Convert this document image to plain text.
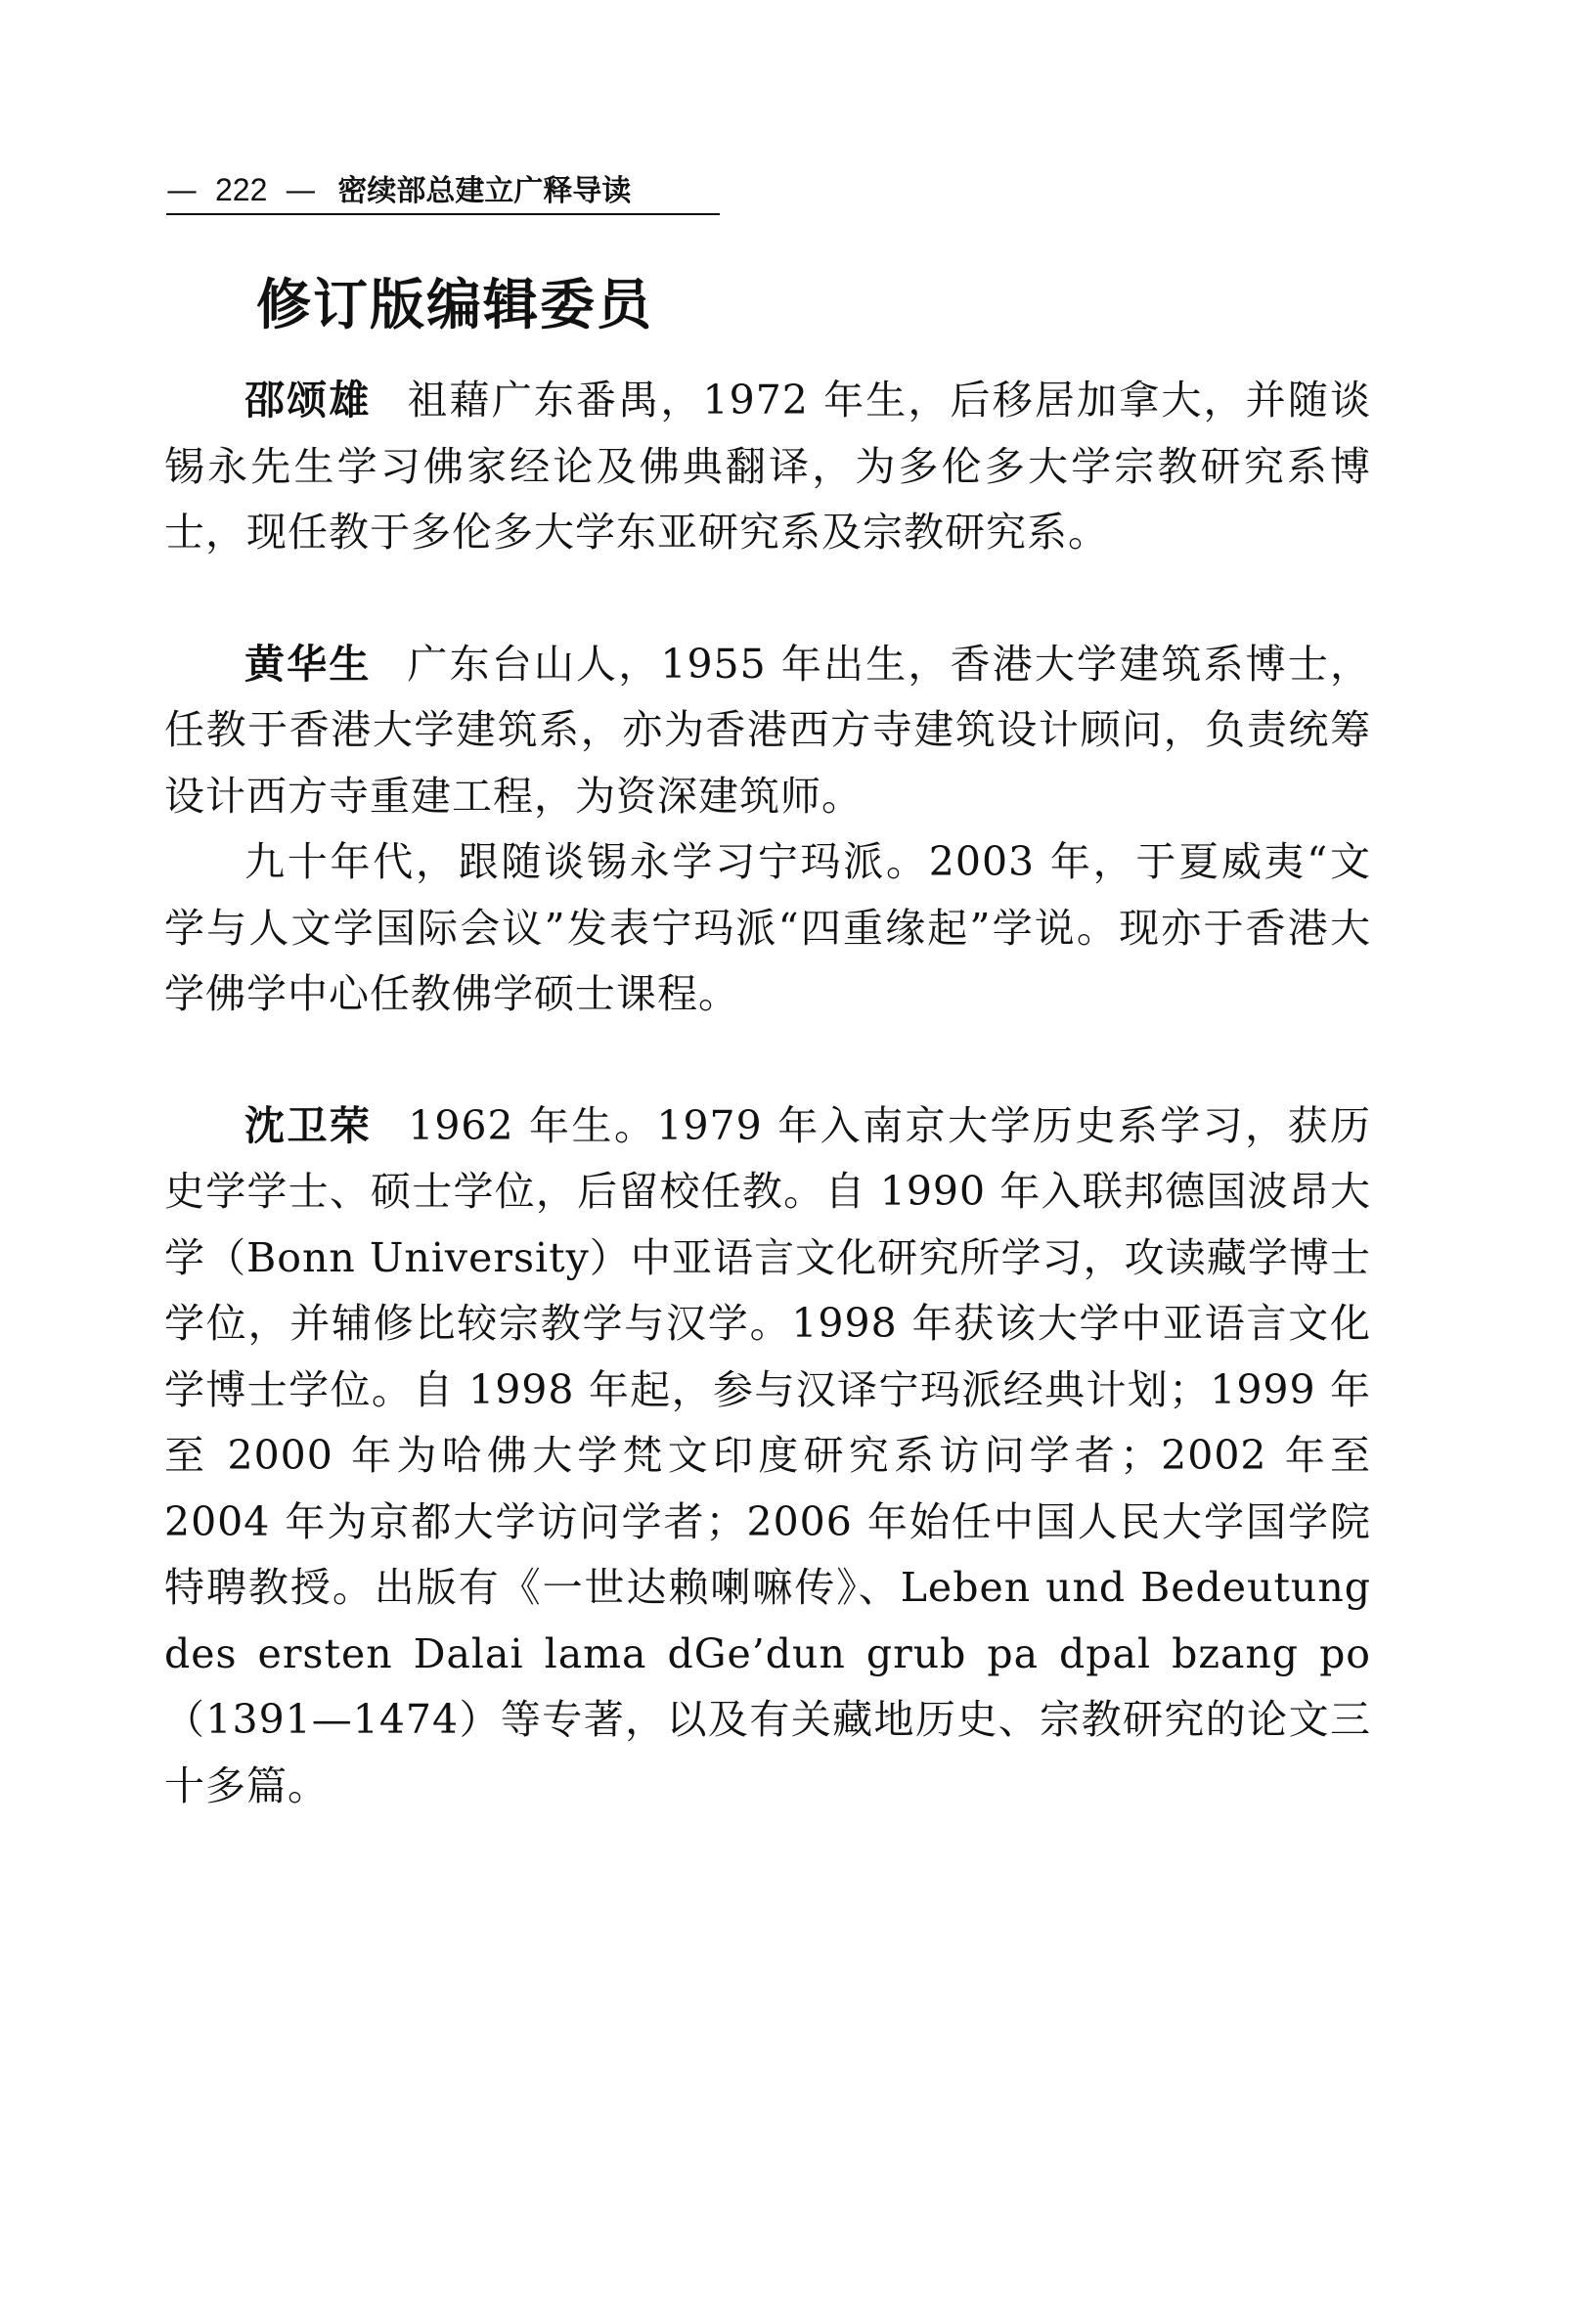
— 222 — 密续部总建立广释导读
修订版编辑委员

邵颂雄 祖藉广东番禺，1972 年生，后移居加拿大，并随谈锡永先生学习佛家经论及佛典翻译，为多伦多大学宗教研究系博士，现任教于多伦多大学东亚研究系及宗教研究系。

黄华生 广东台山人，1955 年出生，香港大学建筑系博士，任教于香港大学建筑系，亦为香港西方寺建筑设计顾问，负责统筹设计西方寺重建工程，为资深建筑师。

九十年代，跟随谈锡永学习宁玛派。2003 年，于夏威夷“文学与人文学国际会议”发表宁玛派“四重缘起”学说。现亦于香港大学佛学中心任教佛学硕士课程。

沈卫荣 1962 年生。1979 年入南京大学历史系学习，获历史学学士、硕士学位，后留校任教。自 1990 年入联邦德国波昂大学（Bonn University）中亚语言文化研究所学习，攻读藏学博士学位，并辅修比较宗教学与汉学。1998 年获该大学中亚语言文化学博士学位。自 1998 年起，参与汉译宁玛派经典计划；1999 年至 2000 年为哈佛大学梵文印度研究系访问学者；2002 年至 2004 年为京都大学访问学者；2006 年始任中国人民大学国学院特聘教授。出版有《一世达赖喇嘛传》、Leben und Bedeutung des ersten Dalai lama dGe’dun grub pa dpal bzang po（1391—1474）等专著，以及有关藏地历史、宗教研究的论文三十多篇。
